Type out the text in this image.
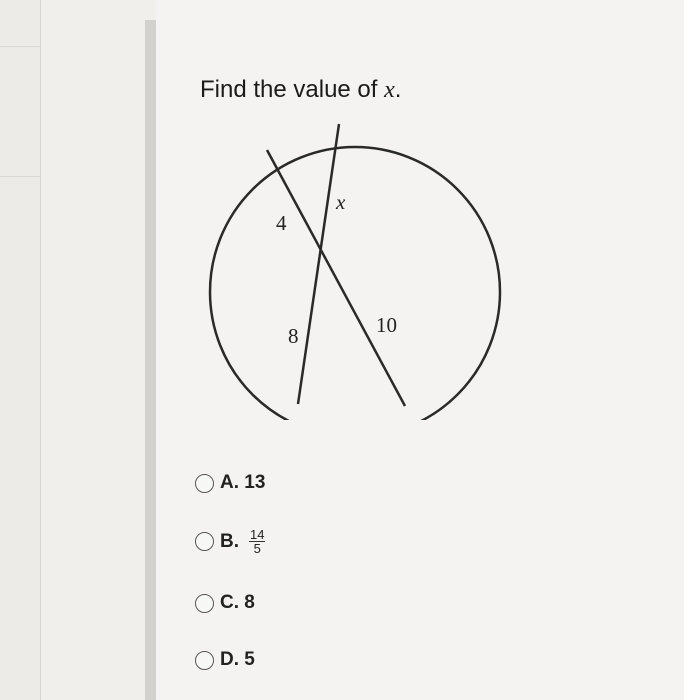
Find the value of x.
4
8
x
10
A.
13
B. $\frac{14}{5}$
C.
8
D.
5
